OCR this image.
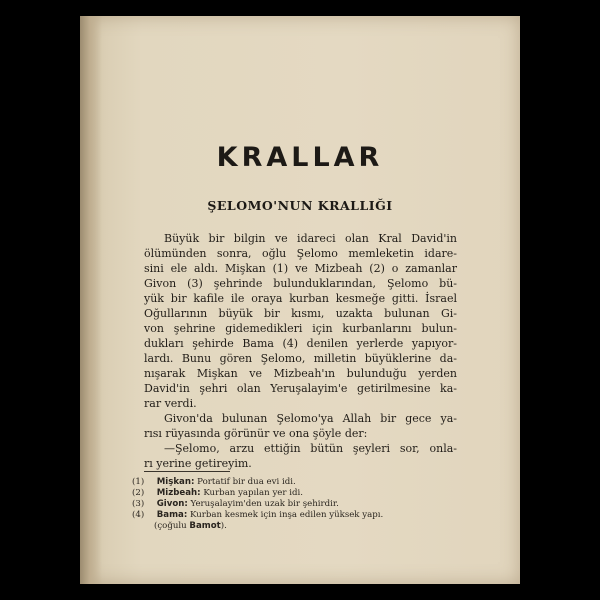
KRALLAR
ŞELOMO'NUN KRALLIĞI

Büyük bir bilgin ve idareci olan Kral David'in

ölümünden sonra, oğlu Şelomo memleketin idare-

sini ele aldı. Mişkan (1) ve Mizbeah (2) o zamanlar

Givon (3) şehrinde bulunduklarından, Şelomo bü-

yük bir kafile ile oraya kurban kesmeğe gitti. İsrael

Oğullarının büyük bir kısmı, uzakta bulunan Gi-

von şehrine gidemedikleri için kurbanlarını bulun-

dukları şehirde Bama (4) denilen yerlerde yapıyor-

lardı. Bunu gören Şelomo, milletin büyüklerine da-

nışarak Mişkan ve Mizbeah'ın bulunduğu yerden

David'in şehri olan Yeruşalayim'e getirilmesine ka-

rar verdi.

Givon'da bulunan Şelomo'ya Allah bir gece ya-

rısı rüyasında görünür ve ona şöyle der:

—Şelomo, arzu ettiğin bütün şeyleri sor, onla-

rı yerine getireyim.

(1) Mişkan: Portatif bir dua evi idi.

(2) Mizbeah: Kurban yapılan yer idi.

(3) Givon: Yeruşalayim'den uzak bir şehirdir.

(4) Bama: Kurban kesmek için inşa edilen yüksek yapı.

(çoğulu Bamot).
